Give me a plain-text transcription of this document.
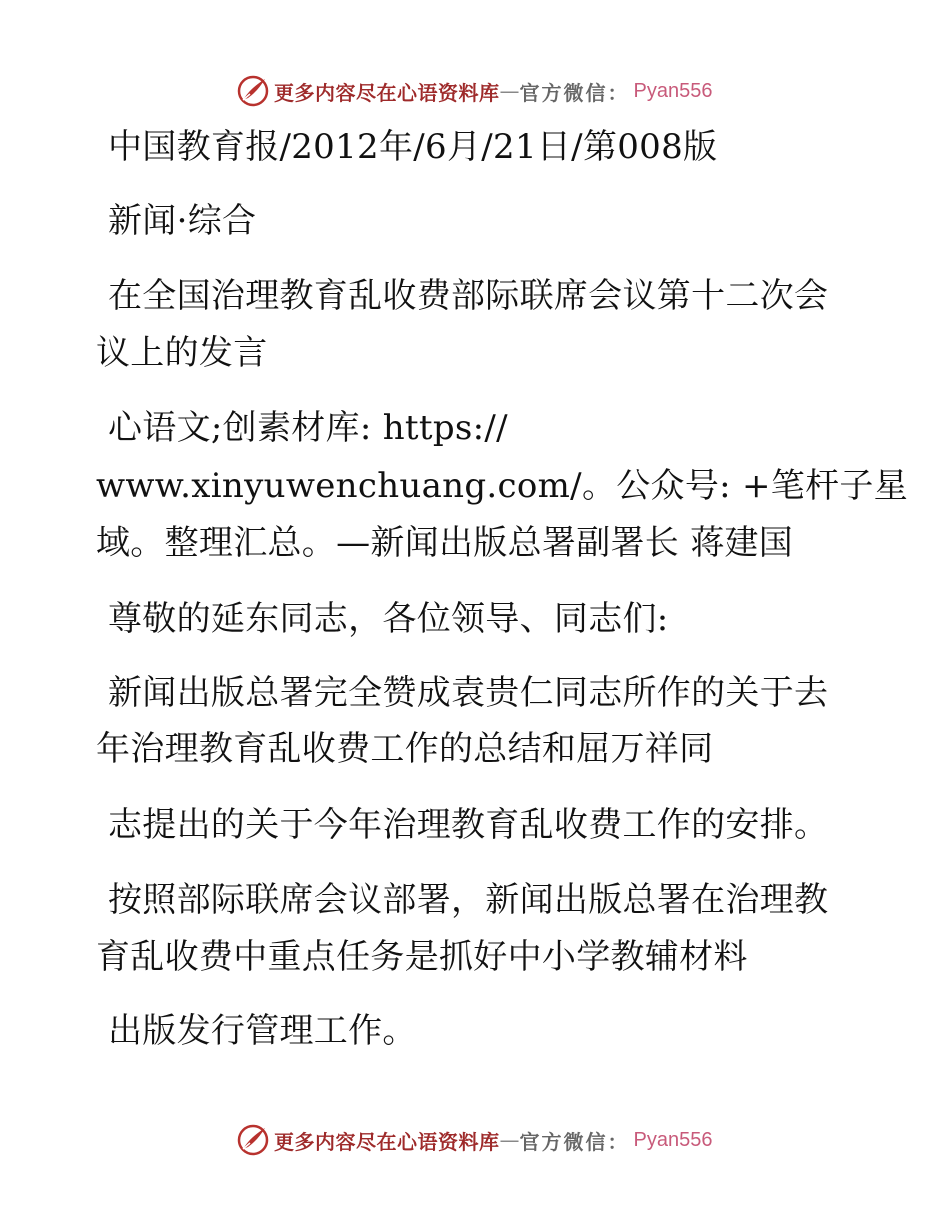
更多内容尽在心语资料库 — 官方微信： Pyan556
中国教育报/2012年/6月/21日/第008版
新闻·综合
在全国治理教育乱收费部际联席会议第十二次会
议上的发言
心语文;创素材库: https://
www.xinyuwenchuang.com/。公众号: +笔杆子星
域。整理汇总。—新闻出版总署副署长 蒋建国
尊敬的延东同志，各位领导、同志们:
新闻出版总署完全赞成袁贵仁同志所作的关于去
年治理教育乱收费工作的总结和屈万祥同
志提出的关于今年治理教育乱收费工作的安排。
按照部际联席会议部署，新闻出版总署在治理教
育乱收费中重点任务是抓好中小学教辅材料
出版发行管理工作。
更多内容尽在心语资料库 — 官方微信： Pyan556
